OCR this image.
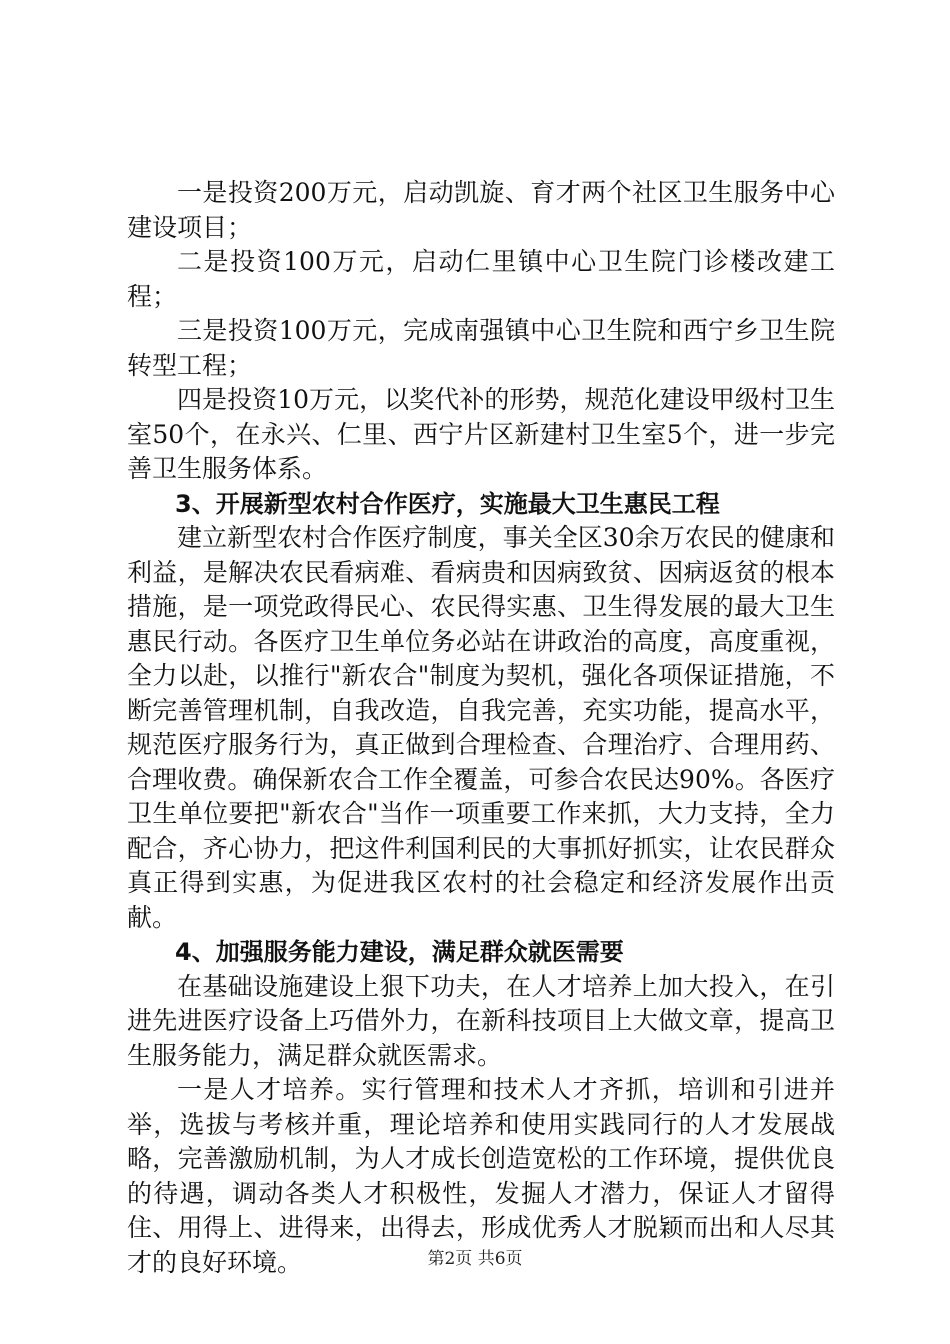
一是投资200万元，启动凯旋、育才两个社区卫生服务中心建设项目；

二是投资100万元，启动仁里镇中心卫生院门诊楼改建工程；

三是投资100万元，完成南强镇中心卫生院和西宁乡卫生院转型工程；

四是投资10万元，以奖代补的形势，规范化建设甲级村卫生室50个，在永兴、仁里、西宁片区新建村卫生室5个，进一步完善卫生服务体系。

3、开展新型农村合作医疗，实施最大卫生惠民工程

建立新型农村合作医疗制度，事关全区30余万农民的健康和利益，是解决农民看病难、看病贵和因病致贫、因病返贫的根本措施，是一项党政得民心、农民得实惠、卫生得发展的最大卫生惠民行动。各医疗卫生单位务必站在讲政治的高度，高度重视，全力以赴，以推行"新农合"制度为契机，强化各项保证措施，不断完善管理机制，自我改造，自我完善，充实功能，提高水平，规范医疗服务行为，真正做到合理检查、合理治疗、合理用药、合理收费。确保新农合工作全覆盖，可参合农民达90%。各医疗卫生单位要把"新农合"当作一项重要工作来抓，大力支持，全力配合，齐心协力，把这件利国利民的大事抓好抓实，让农民群众真正得到实惠，为促进我区农村的社会稳定和经济发展作出贡献。

4、加强服务能力建设，满足群众就医需要

在基础设施建设上狠下功夫，在人才培养上加大投入，在引进先进医疗设备上巧借外力，在新科技项目上大做文章，提高卫生服务能力，满足群众就医需求。

一是人才培养。实行管理和技术人才齐抓，培训和引进并举，选拔与考核并重，理论培养和使用实践同行的人才发展战略，完善激励机制，为人才成长创造宽松的工作环境，提供优良的待遇，调动各类人才积极性，发掘人才潜力，保证人才留得住、用得上、进得来，出得去，形成优秀人才脱颖而出和人尽其才的良好环境。	第2页 共6页
